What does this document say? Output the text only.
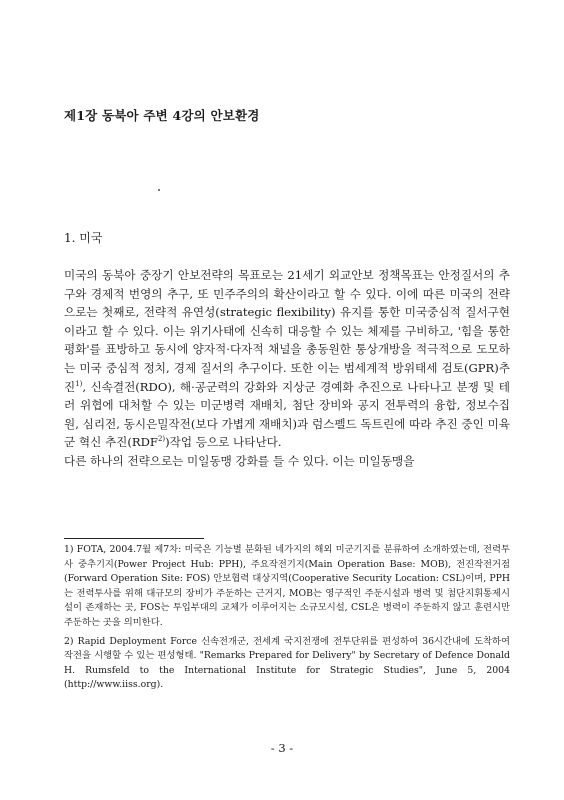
제1장 동북아 주변 4강의 안보환경
1. 미국

미국의 동북아 중장기 안보전략의 목표로는 21세기 외교안보 정책목표는 안정질서의 추구와 경제적 번영의 추구, 또 민주주의의 확산이라고 할 수 있다. 이에 따른 미국의 전략으로는 첫째로, 전략적 유연성(strategic flexibility) 유지를 통한 미국중심적 질서구현이라고 할 수 있다. 이는 위기사태에 신속히 대응할 수 있는 체제를 구비하고, '힘을 통한 평화'를 표방하고 동시에 양자적·다자적 채널을 총동원한 통상개방을 적극적으로 도모하는 미국 중심적 정치, 경제 질서의 추구이다. 또한 이는 범세계적 방위태세 검토(GPR)추진$^{1)}$, 신속결전(RDO), 해·공군력의 강화와 지상군 경예화 추진으로 나타나고 분쟁 및 테러 위협에 대처할 수 있는 미군병력 재배치, 첨단 장비와 공지 전투력의 융합, 정보수집원, 심리전, 동시은밀작전(보다 가볍게 재배치)과 럼스펠드 독트린에 따라 추진 중인 미육군 혁신 추진(RDF$^{2)}$)작업 등으로 나타난다.

다른 하나의 전략으로는 미일동맹 강화를 들 수 있다. 이는 미일동맹을

1) FOTA, 2004.7월 제7차: 미국은 기능별 분화된 네가지의 해외 미군기지를 분류하여 소개하였는데, 전력투사 중추기지(Power Project Hub: PPH), 주요작전기지(Main Operation Base: MOB), 전진작전거점(Forward Operation Site: FOS) 안보협력 대상지역(Cooperative Security Location: CSL)이며, PPH는 전력투사를 위해 대규모의 장비가 주둔하는 근거지, MOB는 영구적인 주둔시설과 병력 및 첨단지휘통제시설이 존재하는 곳, FOS는 투입부대의 교체가 이루어지는 소규모시설, CSL은 병력이 주둔하지 않고 훈련시만 주둔하는 곳을 의미한다.

2) Rapid Deployment Force 신속전개군, 전세계 국지전쟁에 전투단위를 편성하여 36시간내에 도착하여 작전을 시행할 수 있는 편성형태. "Remarks Prepared for Delivery" by Secretary of Defence Donald H. Rumsfeld to the International Institute for Strategic Studies", June 5, 2004 (http://www.iiss.org).

- 3 -
